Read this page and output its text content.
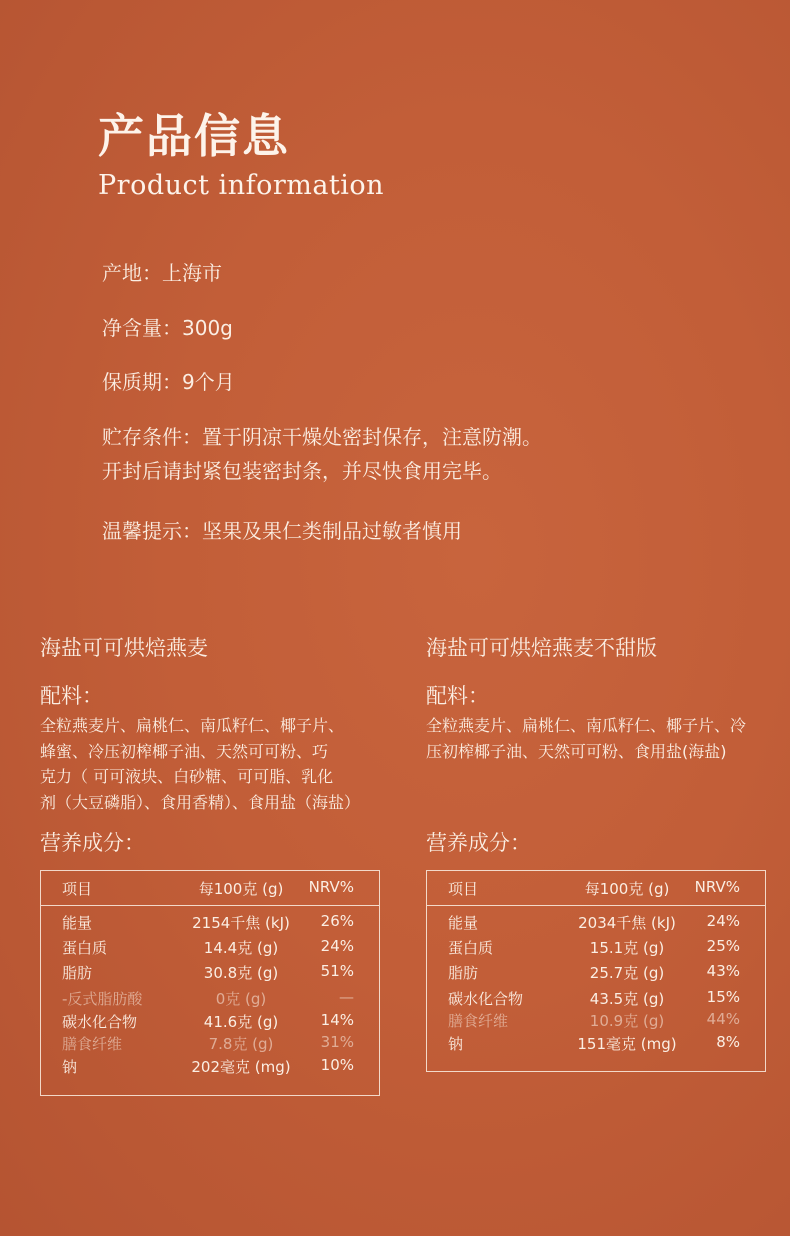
产品信息
Product information
产地：上海市
净含量：300g
保质期：9个月
贮存条件：置于阴凉干燥处密封保存，注意防潮。
开封后请封紧包装密封条，并尽快食用完毕。
温馨提示：坚果及果仁类制品过敏者慎用
海盐可可烘焙燕麦
配料：
全粒燕麦片、扁桃仁、南瓜籽仁、椰子片、
蜂蜜、冷压初榨椰子油、天然可可粉、巧
克力（ 可可液块、白砂糖、可可脂、乳化
剂（大豆磷脂）、食用香精）、食用盐（海盐）
营养成分：
项目	每100克 (g)	NRV%
能量	2154千焦 (kJ)	26%
蛋白质	14.4克 (g)	24%
脂肪	30.8克 (g)	51%
-反式脂肪酸	0克 (g)	—
碳水化合物	41.6克 (g)	14%
膳食纤维	7.8克 (g)	31%
钠	202毫克 (mg)	10%
海盐可可烘焙燕麦不甜版
配料：
全粒燕麦片、扁桃仁、南瓜籽仁、椰子片、冷
压初榨椰子油、天然可可粉、食用盐(海盐)
营养成分：
项目	每100克 (g)	NRV%
能量	2034千焦 (kJ)	24%
蛋白质	15.1克 (g)	25%
脂肪	25.7克 (g)	43%
碳水化合物	43.5克 (g)	15%
膳食纤维	10.9克 (g)	44%
钠	151毫克 (mg)	8%
